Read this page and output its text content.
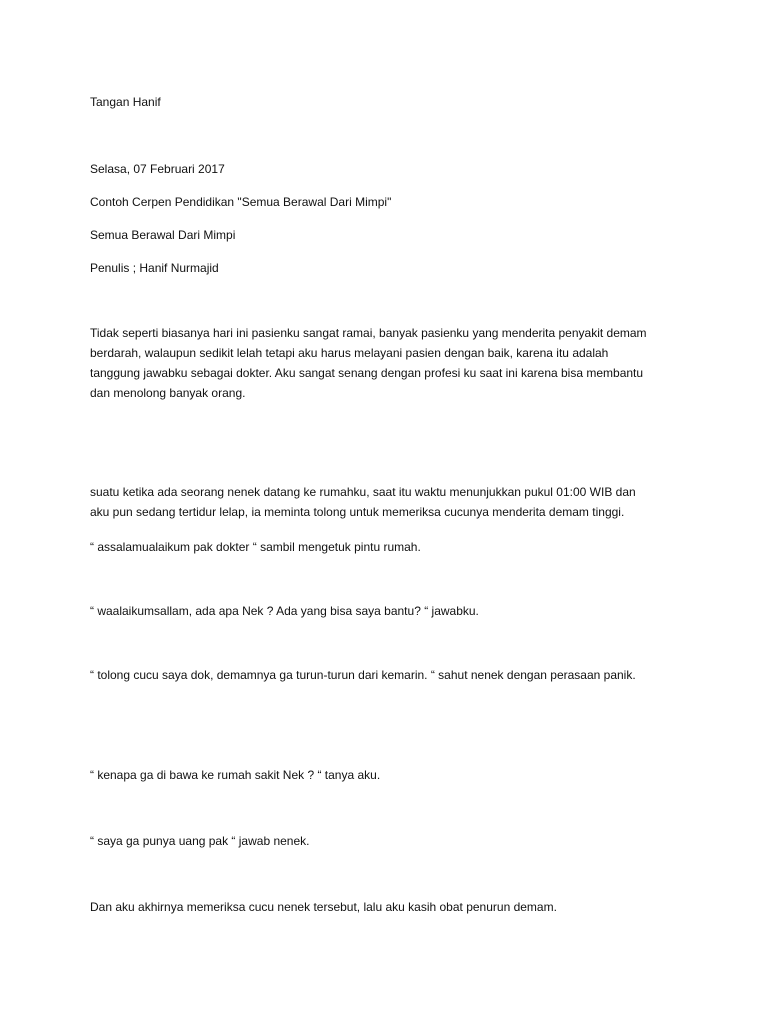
Tangan Hanif

Selasa, 07 Februari 2017

Contoh Cerpen Pendidikan "Semua Berawal Dari Mimpi"

Semua Berawal Dari Mimpi

Penulis ; Hanif Nurmajid

Tidak seperti biasanya hari ini pasienku sangat ramai, banyak pasienku yang menderita penyakit demam
berdarah, walaupun sedikit lelah tetapi aku harus melayani pasien dengan baik, karena itu adalah
tanggung jawabku sebagai dokter. Aku sangat senang dengan profesi ku saat ini karena bisa membantu
dan menolong banyak orang.
suatu ketika ada seorang nenek datang ke rumahku, saat itu waktu menunjukkan pukul 01:00 WIB dan
aku pun sedang tertidur lelap, ia meminta tolong untuk memeriksa cucunya menderita demam tinggi.

“ assalamualaikum pak dokter “ sambil mengetuk pintu rumah.

“ waalaikumsallam, ada apa Nek ? Ada yang bisa saya bantu? “ jawabku.

“ tolong cucu saya dok, demamnya ga turun-turun dari kemarin. “ sahut nenek dengan perasaan panik.

“ kenapa ga di bawa ke rumah sakit Nek ? “ tanya aku.

“ saya ga punya uang pak “ jawab nenek.

Dan aku akhirnya memeriksa cucu nenek tersebut, lalu aku kasih obat penurun demam.
